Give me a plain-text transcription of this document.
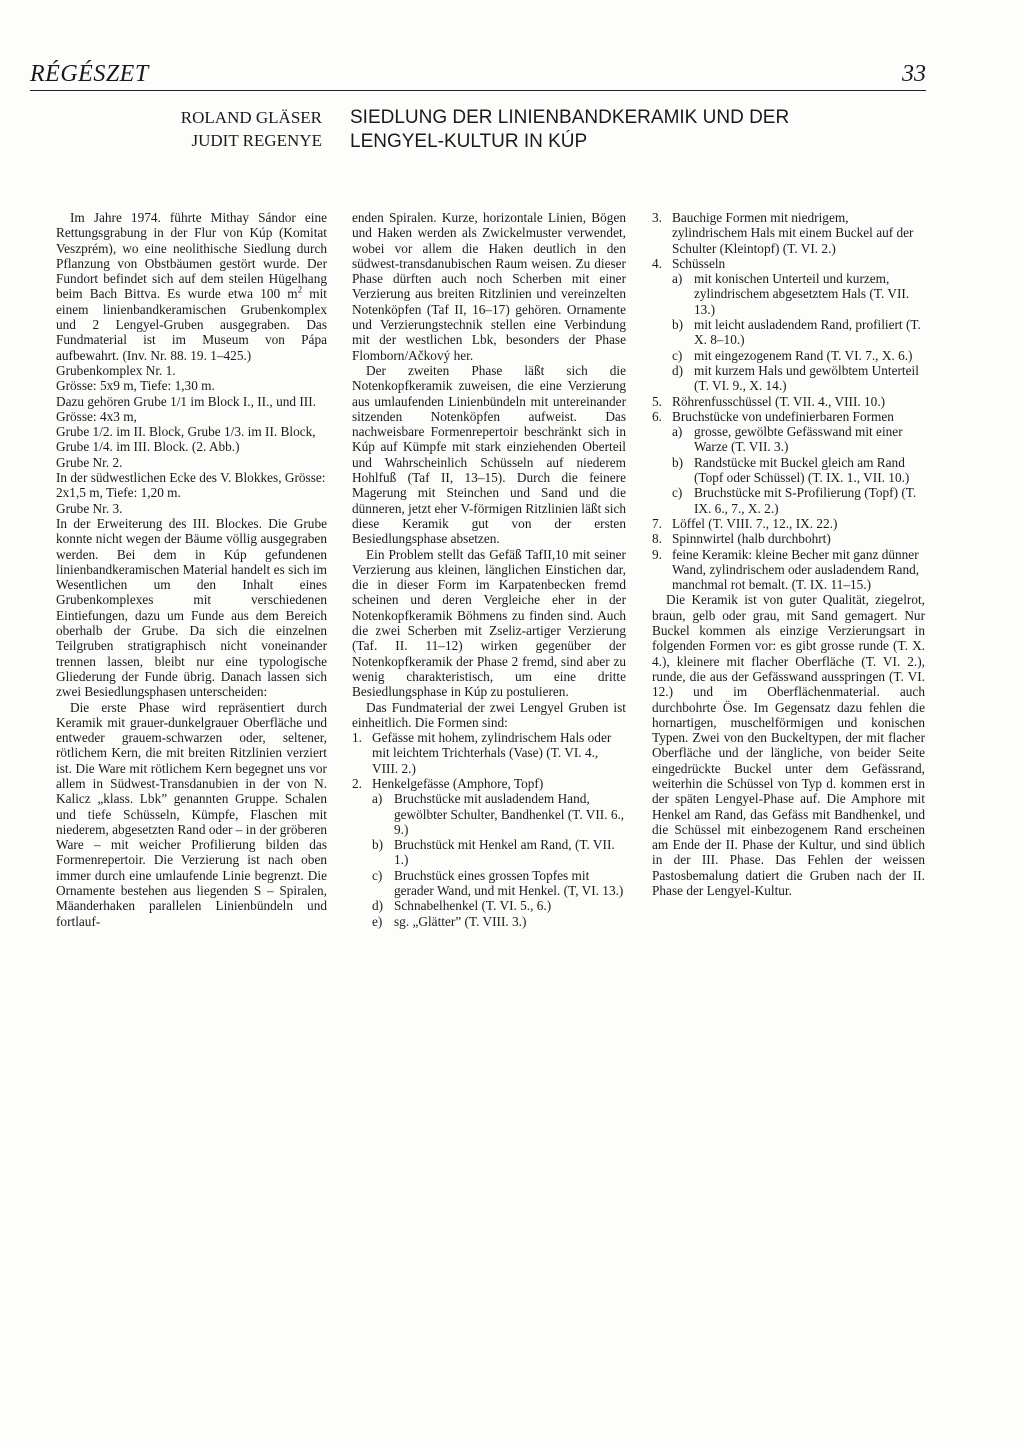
RÉGÉSZET	33
ROLAND GLÄSER
JUDIT REGENYE
SIEDLUNG DER LINIENBANDKERAMIK UND DER
LENGYEL-KULTUR IN KÚP

Im Jahre 1974. führte Mithay Sándor eine Rettungsgrabung in der Flur von Kúp (Komitat Veszprém), wo eine neolithische Siedlung durch Pflanzung von Obstbäumen gestört wurde. Der Fundort befindet sich auf dem steilen Hügelhang beim Bach Bittva. Es wurde etwa 100 $m^2$ mit einem linienbandkeramischen Grubenkomplex und 2 Lengyel-Gruben ausgegraben. Das Fundmaterial ist im Museum von Pápa aufbewahrt. (Inv. Nr. 88. 19. 1–425.)

Grubenkomplex Nr. 1.

Grösse: 5x9 m, Tiefe: 1,30 m.

Dazu gehören Grube 1/1 im Block I., II., und III.

Grösse: 4x3 m,

Grube 1/2. im II. Block, Grube 1/3. im II. Block,

Grube 1/4. im III. Block. (2. Abb.)

Grube Nr. 2.

In der südwestlichen Ecke des V. Blokkes, Grösse: 2x1,5 m, Tiefe: 1,20 m.

Grube Nr. 3.

In der Erweiterung des III. Blockes. Die Grube konnte nicht wegen der Bäume völlig ausgegraben werden. Bei dem in Kúp gefundenen linienbandkeramischen Material handelt es sich im Wesentlichen um den Inhalt eines Grubenkomplexes mit verschiedenen Eintiefungen, dazu um Funde aus dem Bereich oberhalb der Grube. Da sich die einzelnen Teilgruben stratigraphisch nicht voneinander trennen lassen, bleibt nur eine typologische Gliederung der Funde übrig. Danach lassen sich zwei Besiedlungsphasen unterscheiden:

Die erste Phase wird repräsentiert durch Keramik mit grauer-dunkelgrauer Oberfläche und entweder grauem-schwarzen oder, seltener, rötlichem Kern, die mit breiten Ritzlinien verziert ist. Die Ware mit rötlichem Kern begegnet uns vor allem in Südwest-Transdanubien in der von N. Kalicz „klass. Lbk” genannten Gruppe. Schalen und tiefe Schüsseln, Kümpfe, Flaschen mit niederem, abgesetzten Rand oder – in der gröberen Ware – mit weicher Profilierung bilden das Formenrepertoir. Die Verzierung ist nach oben immer durch eine umlaufende Linie begrenzt. Die Ornamente bestehen aus liegenden S – Spiralen, Mäanderhaken parallelen Linienbündeln und fortlauf-

enden Spiralen. Kurze, horizontale Linien, Bögen und Haken werden als Zwickelmuster verwendet, wobei vor allem die Haken deutlich in den südwest-transdanubischen Raum weisen. Zu dieser Phase dürften auch noch Scherben mit einer Verzierung aus breiten Ritzlinien und vereinzelten Notenköpfen (Taf II, 16–17) gehören. Ornamente und Verzierungstechnik stellen eine Verbindung mit der westlichen Lbk, besonders der Phase Flomborn/Ačkový her.

Der zweiten Phase läßt sich die Notenkopfkeramik zuweisen, die eine Verzierung aus umlaufenden Linienbündeln mit untereinander sitzenden Notenköpfen aufweist. Das nachweisbare Formenrepertoir beschränkt sich in Kúp auf Kümpfe mit stark einziehenden Oberteil und Wahrscheinlich Schüsseln auf niederem Hohlfuß (Taf II, 13–15). Durch die feinere Magerung mit Steinchen und Sand und die dünneren, jetzt eher V-förmigen Ritzlinien läßt sich diese Keramik gut von der ersten Besiedlungsphase absetzen.

Ein Problem stellt das Gefäß TafII,10 mit seiner Verzierung aus kleinen, länglichen Einstichen dar, die in dieser Form im Karpatenbecken fremd scheinen und deren Vergleiche eher in der Notenkopfkeramik Böhmens zu finden sind. Auch die zwei Scherben mit Zseliz-artiger Verzierung (Taf. II. 11–12) wirken gegenüber der Notenkopfkeramik der Phase 2 fremd, sind aber zu wenig charakteristisch, um eine dritte Besiedlungsphase in Kúp zu postulieren.

Das Fundmaterial der zwei Lengyel Gruben ist einheitlich. Die Formen sind:

1. Gefässe mit hohem, zylindrischem Hals oder mit leichtem Trichterhals (Vase) (T. VI. 4., VIII. 2.)
2. Henkelgefässe (Amphore, Topf)
a) Bruchstücke mit ausladendem Hand, gewölbter Schulter, Bandhenkel (T. VII. 6., 9.)
b) Bruchstück mit Henkel am Rand, (T. VII. 1.)
c) Bruchstück eines grossen Topfes mit gerader Wand, und mit Henkel. (T, VI. 13.)
d) Schnabelhenkel (T. VI. 5., 6.)
e) sg. „Glätter” (T. VIII. 3.)
3. Bauchige Formen mit niedrigem, zylindrischem Hals mit einem Buckel auf der Schulter (Kleintopf) (T. VI. 2.)
4. Schüsseln
a) mit konischen Unterteil und kurzem, zylindrischem abgesetztem Hals (T. VII. 13.)
b) mit leicht ausladendem Rand, profiliert (T. X. 8–10.)
c) mit eingezogenem Rand (T. VI. 7., X. 6.)
d) mit kurzem Hals und gewölbtem Unterteil (T. VI. 9., X. 14.)
5. Röhrenfusschüssel (T. VII. 4., VIII. 10.)
6. Bruchstücke von undefinierbaren Formen
a) grosse, gewölbte Gefässwand mit einer Warze (T. VII. 3.)
b) Randstücke mit Buckel gleich am Rand (Topf oder Schüssel) (T. IX. 1., VII. 10.)
c) Bruchstücke mit S-Profilierung (Topf) (T. IX. 6., 7., X. 2.)
7. Löffel (T. VIII. 7., 12., IX. 22.)
8. Spinnwirtel (halb durchbohrt)
9. feine Keramik: kleine Becher mit ganz dünner Wand, zylindrischem oder ausladendem Rand, manchmal rot bemalt. (T. IX. 11–15.)

Die Keramik ist von guter Qualität, ziegelrot, braun, gelb oder grau, mit Sand gemagert. Nur Buckel kommen als einzige Verzierungsart in folgenden Formen vor: es gibt grosse runde (T. X. 4.), kleinere mit flacher Oberfläche (T. VI. 2.), runde, die aus der Gefässwand ausspringen (T. VI. 12.) und im Oberflächenmaterial. auch durchbohrte Öse. Im Gegensatz dazu fehlen die hornartigen, muschelförmigen und konischen Typen. Zwei von den Buckeltypen, der mit flacher Oberfläche und der längliche, von beider Seite eingedrückte Buckel unter dem Gefässrand, weiterhin die Schüssel von Typ d. kommen erst in der späten Lengyel-Phase auf. Die Amphore mit Henkel am Rand, das Gefäss mit Bandhenkel, und die Schüssel mit einbezogenem Rand erscheinen am Ende der II. Phase der Kultur, und sind üblich in der III. Phase. Das Fehlen der weissen Pastosbemalung datiert die Gruben nach der II. Phase der Lengyel-Kultur.
